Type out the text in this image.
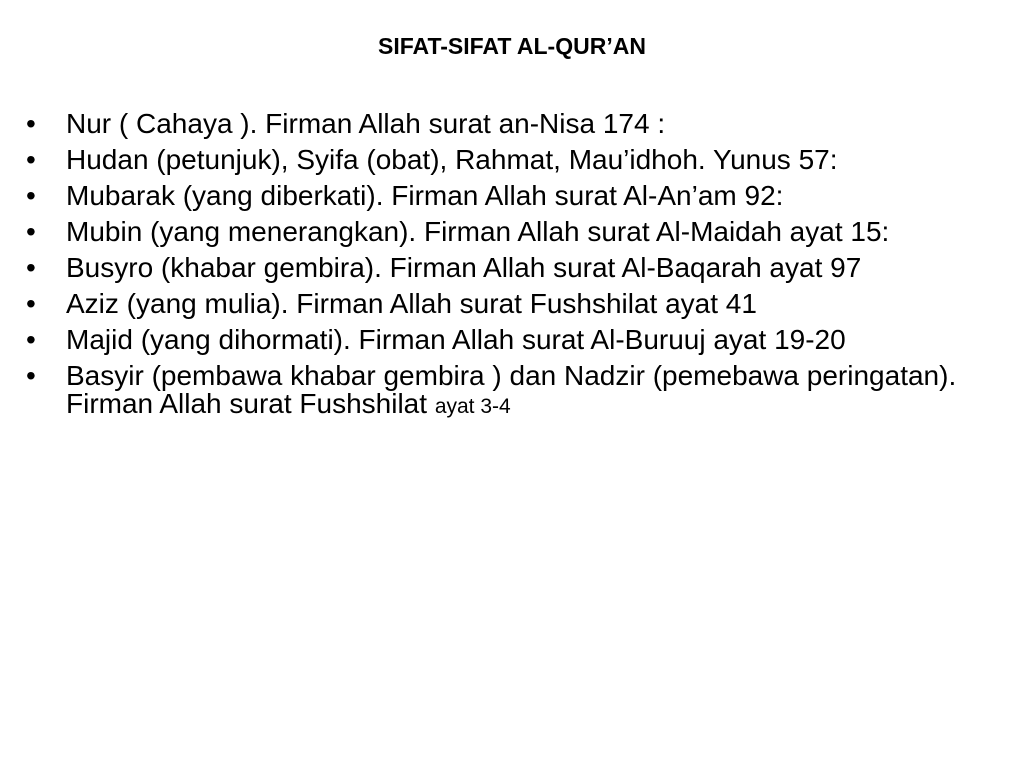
SIFAT-SIFAT AL-QUR’AN
•	Nur ( Cahaya ). Firman Allah surat an-Nisa 174 :
•	Hudan (petunjuk), Syifa (obat), Rahmat, Mau’idhoh. Yunus 57:
•	Mubarak (yang diberkati). Firman Allah surat Al-An’am 92:
•	Mubin (yang menerangkan). Firman Allah surat Al-Maidah ayat 15:
•	Busyro (khabar gembira). Firman Allah surat Al-Baqarah ayat 97
•	Aziz (yang mulia). Firman Allah surat Fushshilat ayat 41
•	Majid (yang dihormati). Firman Allah surat Al-Buruuj ayat 19-20
•	Basyir (pembawa khabar gembira ) dan Nadzir (pemebawa peringatan). Firman Allah surat Fushshilat ayat 3-4
